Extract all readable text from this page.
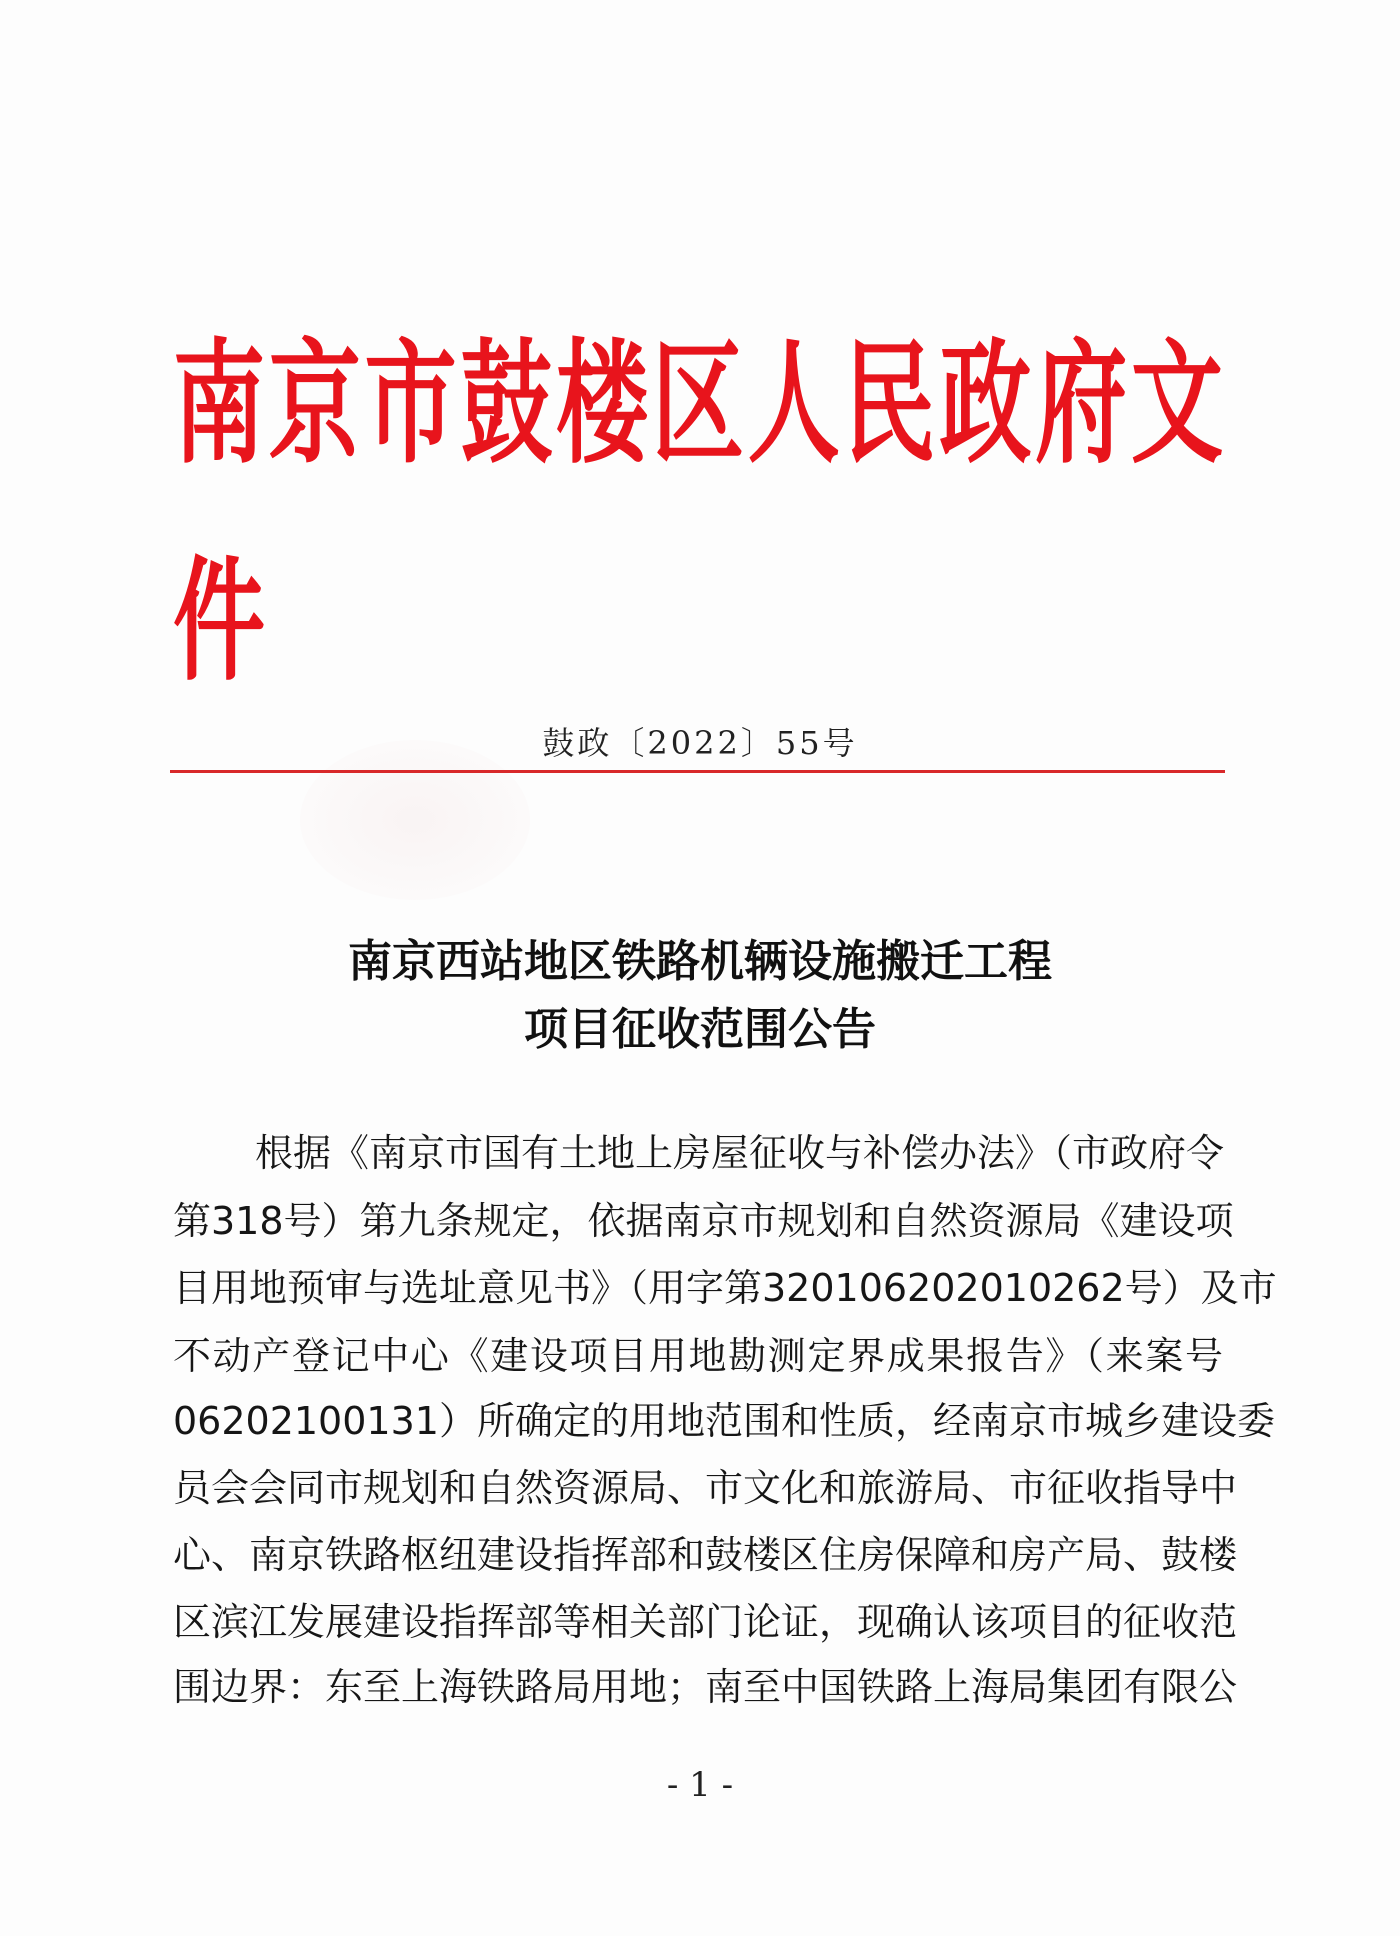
南京市鼓楼区人民政府文件
鼓政〔2022〕55号
南京西站地区铁路机辆设施搬迁工程
项目征收范围公告
根据《南京市国有土地上房屋征收与补偿办法》（市政府令
第318号）第九条规定，依据南京市规划和自然资源局《建设项
目用地预审与选址意见书》（用字第320106202010262号）及市
不动产登记中心《建设项目用地勘测定界成果报告》（来案号
06202100131）所确定的用地范围和性质，经南京市城乡建设委
员会会同市规划和自然资源局、市文化和旅游局、市征收指导中
心、南京铁路枢纽建设指挥部和鼓楼区住房保障和房产局、鼓楼
区滨江发展建设指挥部等相关部门论证，现确认该项目的征收范
围边界：东至上海铁路局用地；南至中国铁路上海局集团有限公
- 1 -
